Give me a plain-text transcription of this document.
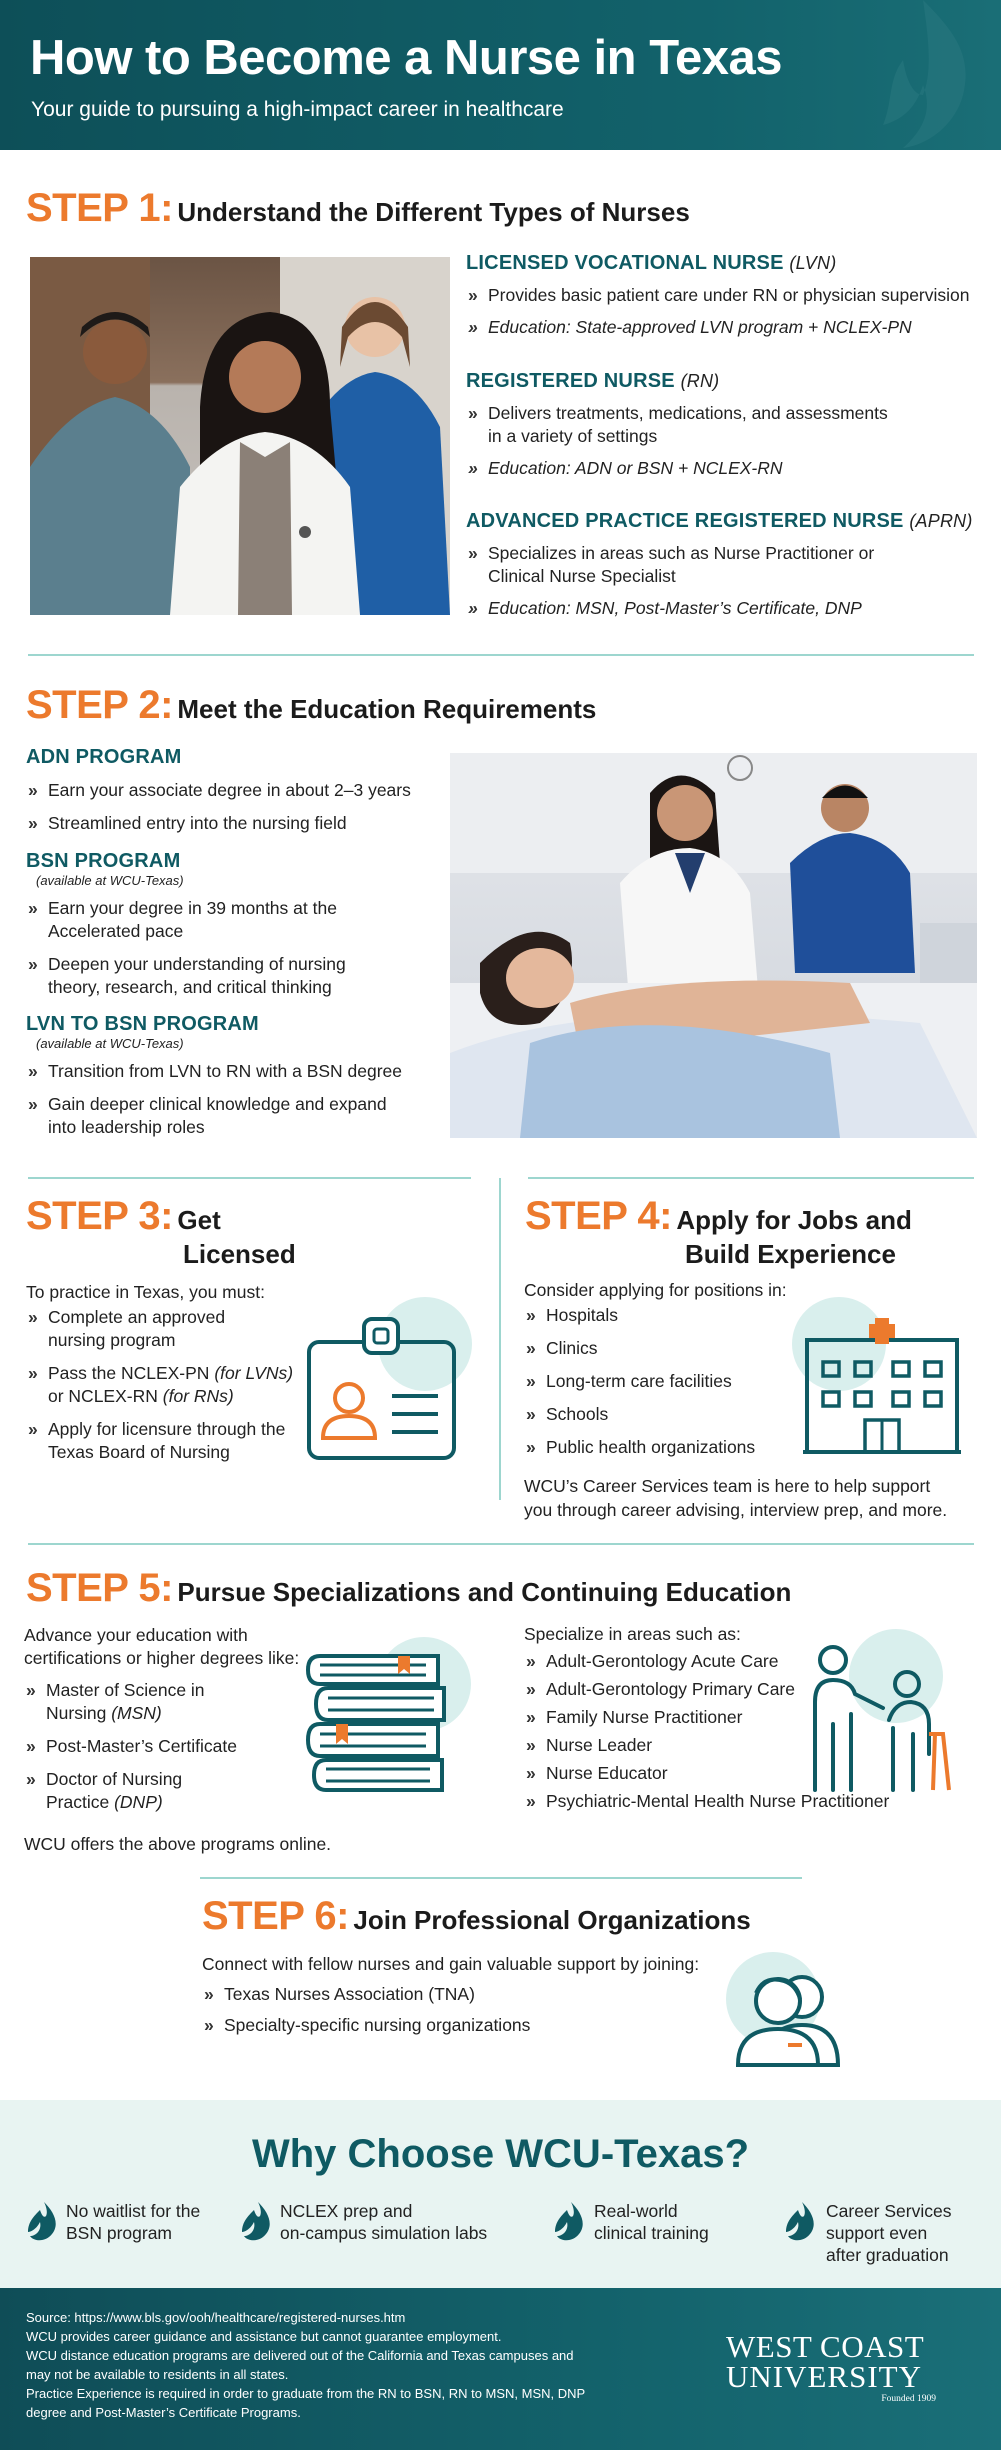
How to Become a Nurse in Texas
Your guide to pursuing a high-impact career in healthcare
STEP 1: Understand the Different Types of Nurses
LICENSED VOCATIONAL NURSE (LVN)
» Provides basic patient care under RN or physician supervision
» Education: State-approved LVN program + NCLEX-PN
REGISTERED NURSE (RN)
» Delivers treatments, medications, and assessments
in a variety of settings
» Education: ADN or BSN + NCLEX-RN
ADVANCED PRACTICE REGISTERED NURSE (APRN)
» Specializes in areas such as Nurse Practitioner or
Clinical Nurse Specialist
» Education: MSN, Post-Master’s Certificate, DNP
STEP 2: Meet the Education Requirements
ADN PROGRAM
» Earn your associate degree in about 2–3 years
» Streamlined entry into the nursing field
BSN PROGRAM
(available at WCU-Texas)
» Earn your degree in 39 months at the
Accelerated pace
» Deepen your understanding of nursing
theory, research, and critical thinking
LVN TO BSN PROGRAM
(available at WCU-Texas)
» Transition from LVN to RN with a BSN degree
» Gain deeper clinical knowledge and expand
into leadership roles
STEP 3: Get
Licensed
To practice in Texas, you must:
» Complete an approved
nursing program
» Pass the NCLEX-PN (for LVNs)
or NCLEX-RN (for RNs)
» Apply for licensure through the
Texas Board of Nursing
STEP 4: Apply for Jobs and
Build Experience
Consider applying for positions in:
» Hospitals
» Clinics
» Long-term care facilities
» Schools
» Public health organizations
WCU’s Career Services team is here to help support
you through career advising, interview prep, and more.
STEP 5: Pursue Specializations and Continuing Education
Advance your education with
certifications or higher degrees like:
» Master of Science in
Nursing (MSN)
» Post-Master’s Certificate
» Doctor of Nursing
Practice (DNP)
WCU offers the above programs online.
Specialize in areas such as:
» Adult-Gerontology Acute Care
» Adult-Gerontology Primary Care
» Family Nurse Practitioner
» Nurse Leader
» Nurse Educator
» Psychiatric-Mental Health Nurse Practitioner
STEP 6: Join Professional Organizations
Connect with fellow nurses and gain valuable support by joining:
» Texas Nurses Association (TNA)
» Specialty-specific nursing organizations
Why Choose WCU-Texas?
No waitlist for the
BSN program
NCLEX prep and
on-campus simulation labs
Real-world
clinical training
Career Services
support even
after graduation
Source: https://www.bls.gov/ooh/healthcare/registered-nurses.htm
WCU provides career guidance and assistance but cannot guarantee employment.
WCU distance education programs are delivered out of the California and Texas campuses and
may not be available to residents in all states.
Practice Experience is required in order to graduate from the RN to BSN, RN to MSN, MSN, DNP
degree and Post-Master’s Certificate Programs.
WEST COAST
UNIVERSITY
Founded 1909
